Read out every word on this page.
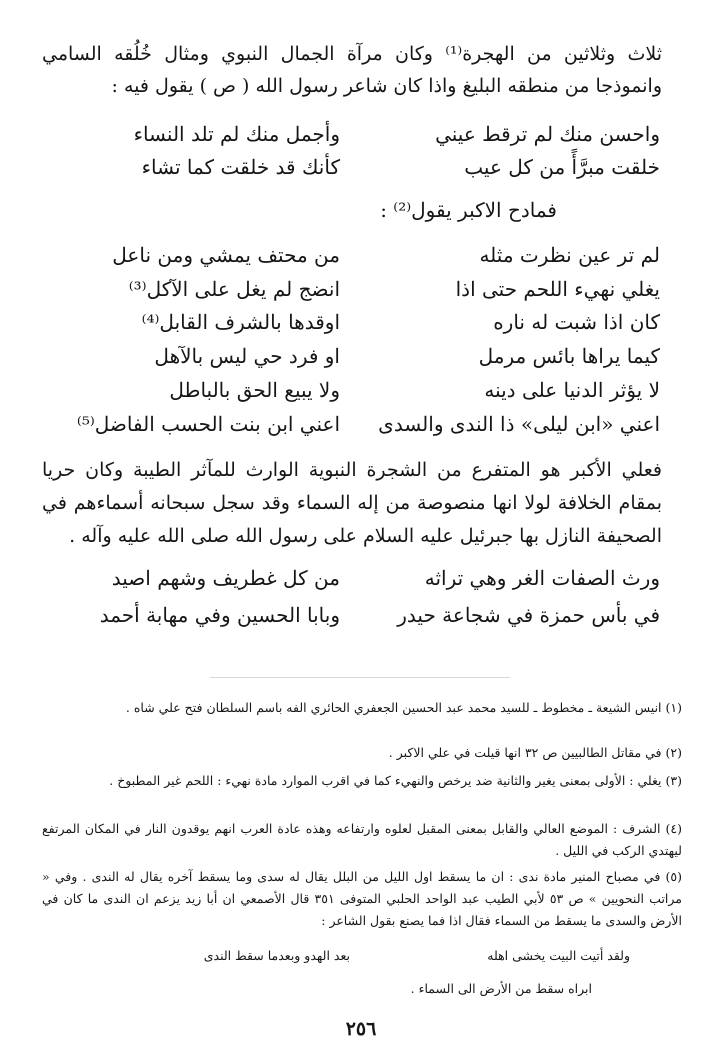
ثلاث وثلاثين من الهجرة⁽¹⁾ وكان مرآة الجمال النبوي ومثال خُلُقه السامي
وانموذجا من منطقه البليغ واذا كان شاعر رسول الله ( ص ) يقول فيه :
واحسن منك لم ترقط عيني
وأجمل منك لم تلد النساء
خلقت مبرَّأً من كل عيب
كأنك قد خلقت كما تشاء
فمادح الاكبر يقول⁽²⁾ :
لم تر عين نظرت مثله
من محتف يمشي ومن ناعل
يغلي نهيء اللحم حتى اذا
انضج لم يغل على الآكل⁽³⁾
كان اذا شبت له ناره
اوقدها بالشرف القابل⁽⁴⁾
كيما يراها بائس مرمل
او فرد حي ليس بالآهل
لا يؤثر الدنيا على دينه
ولا يبيع الحق بالباطل
اعني «ابن ليلى» ذا الندى والسدى
اعني ابن بنت الحسب الفاضل⁽⁵⁾
فعلي الأكبر هو المتفرع من الشجرة النبوية الوارث للمآثر الطيبة وكان حريا
بمقام الخلافة لولا انها منصوصة من إله السماء وقد سجل سبحانه أسماءهم في
الصحيفة النازل بها جبرئيل عليه السلام على رسول الله صلى الله عليه وآله .
ورث الصفات الغر وهي تراثه
من كل غطريف وشهم اصيد
في بأس حمزة في شجاعة حيدر
وبابا الحسين وفي مهابة أحمد
(١) انيس الشيعة ـ مخطوط ـ للسيد محمد عبد الحسين الجعفري الحائري الفه باسم السلطان فتح علي شاه .
(٢) في مقاتل الطالبيين ص ٣٢ انها قيلت في علي الاكبر .
(٣) يغلي : الأولى بمعنى يغير والثانية ضد يرخص والنهيء كما في اقرب الموارد مادة نهيء : اللحم غير المطبوخ .
(٤) الشرف : الموضع العالي والقابل بمعنى المقبل لعلوه وارتفاعه وهذه عادة العرب انهم يوقدون النار في المكان المرتفع ليهتدي الركب في الليل .
(٥) في مصباح المنير مادة ندى : ان ما يسقط اول الليل من البلل يقال له سدى وما يسقط آخره يقال له الندى . وفي « مراتب النحويين » ص ٥٣ لأبي الطيب عبد الواحد الحلبي المتوفى ٣٥١ قال الأصمعي ان أبا زيد يزعم ان الندى ما كان في الأرض والسدى ما يسقط من السماء فقال اذا فما يصنع بقول الشاعر :
ولقد أتيت البيت يخشى اهله
بعد الهدو وبعدما سقط الندى
ابراه سقط من الأرض الى السماء .
٢٥٦
